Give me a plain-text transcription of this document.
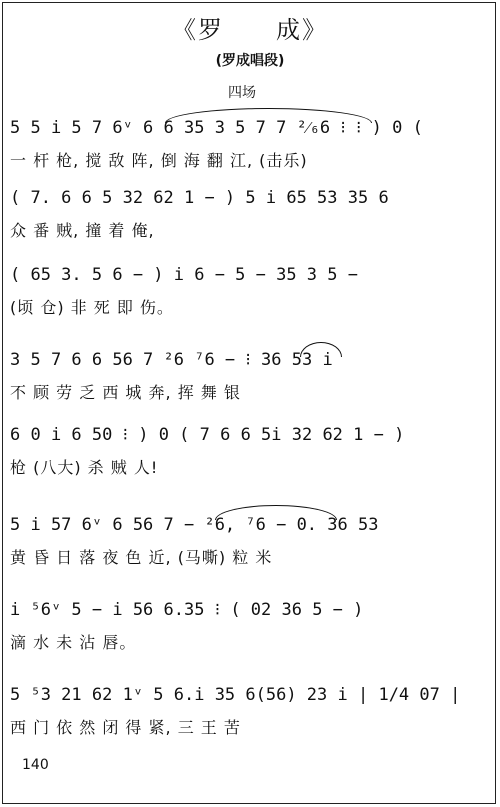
《罗　　成》
(罗成唱段)
四场
5 5 i 5 7 6ᵛ 6 6 35 3 5 7 7 ²⁄₆6 ⁝ ⁝ ) 0 (
一 杆 枪, 搅 敌 阵, 倒 海 翻 江, (击乐)
( 7. 6 6 5 32 62 1 − ) 5 i 65 53 35 6
众 番 贼, 撞 着 俺,
( 65 3. 5 6 − ) i 6 − 5 − 35 3 5 −
(顷 仓) 非 死 即 伤。
3 5 7 6 6 56 7 ²6 ⁷6 − ⁝ 36 53 i
不 顾 劳 乏 西 城 奔, 挥 舞 银
6 0 i 6 50 ⁝ ) 0 ( 7 6 6 5i 32 62 1 − )
枪 (八大) 杀 贼 人!
5 i 57 6ᵛ 6 56 7 − ²6, ⁷6 − 0. 36 53
黄 昏 日 落 夜 色 近, (马嘶) 粒 米
i ⁵6ᵛ 5 − i 56 6.35 ⁝ ( 02 36 5 − )
滴 水 未 沾 唇。
5 ⁵3 21 62 1ᵛ 5 6.i 35 6(56) 23 i | 1/4 07 |
西 门 依 然 闭 得 紧, 三 王 苦
140
